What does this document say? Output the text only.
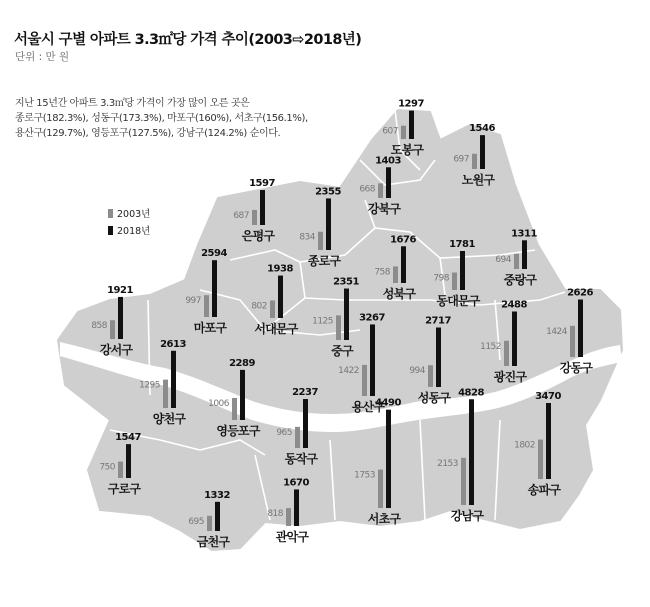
607
1297
도봉구
697
1546
노원구
668
1403
강북구
687
1597
은평구	834
2355
종로구
758
1676
성북구
798
1781
동대문구
694
1311
중랑구
858
1921
강서구
997
2594
마포구
802
1938
서대문구
1125
2351
중구
994
2717
성동구
1152
2488
광진구
1424
2626
강동구
1295
2613
양천구
1006
2289
영등포구
1422
3267
용산구
965
2237
동작구
750
1547
구로구
1753
4490
서초구
2153
4828
강남구
1802
3470
송파구
818
1670
관악구
695
1332
금천구
2003년
2018년
서울시 구별 아파트 3.3㎡당 가격 추이(2003⇨2018년)
단위 : 만 원
지난 15년간 아파트 3.3㎡당 가격이 가장 많이 오른 곳은
종로구(182.3%), 성동구(173.3%), 마포구(160%), 서초구(156.1%),
용산구(129.7%), 영등포구(127.5%), 강남구(124.2%) 순이다.
